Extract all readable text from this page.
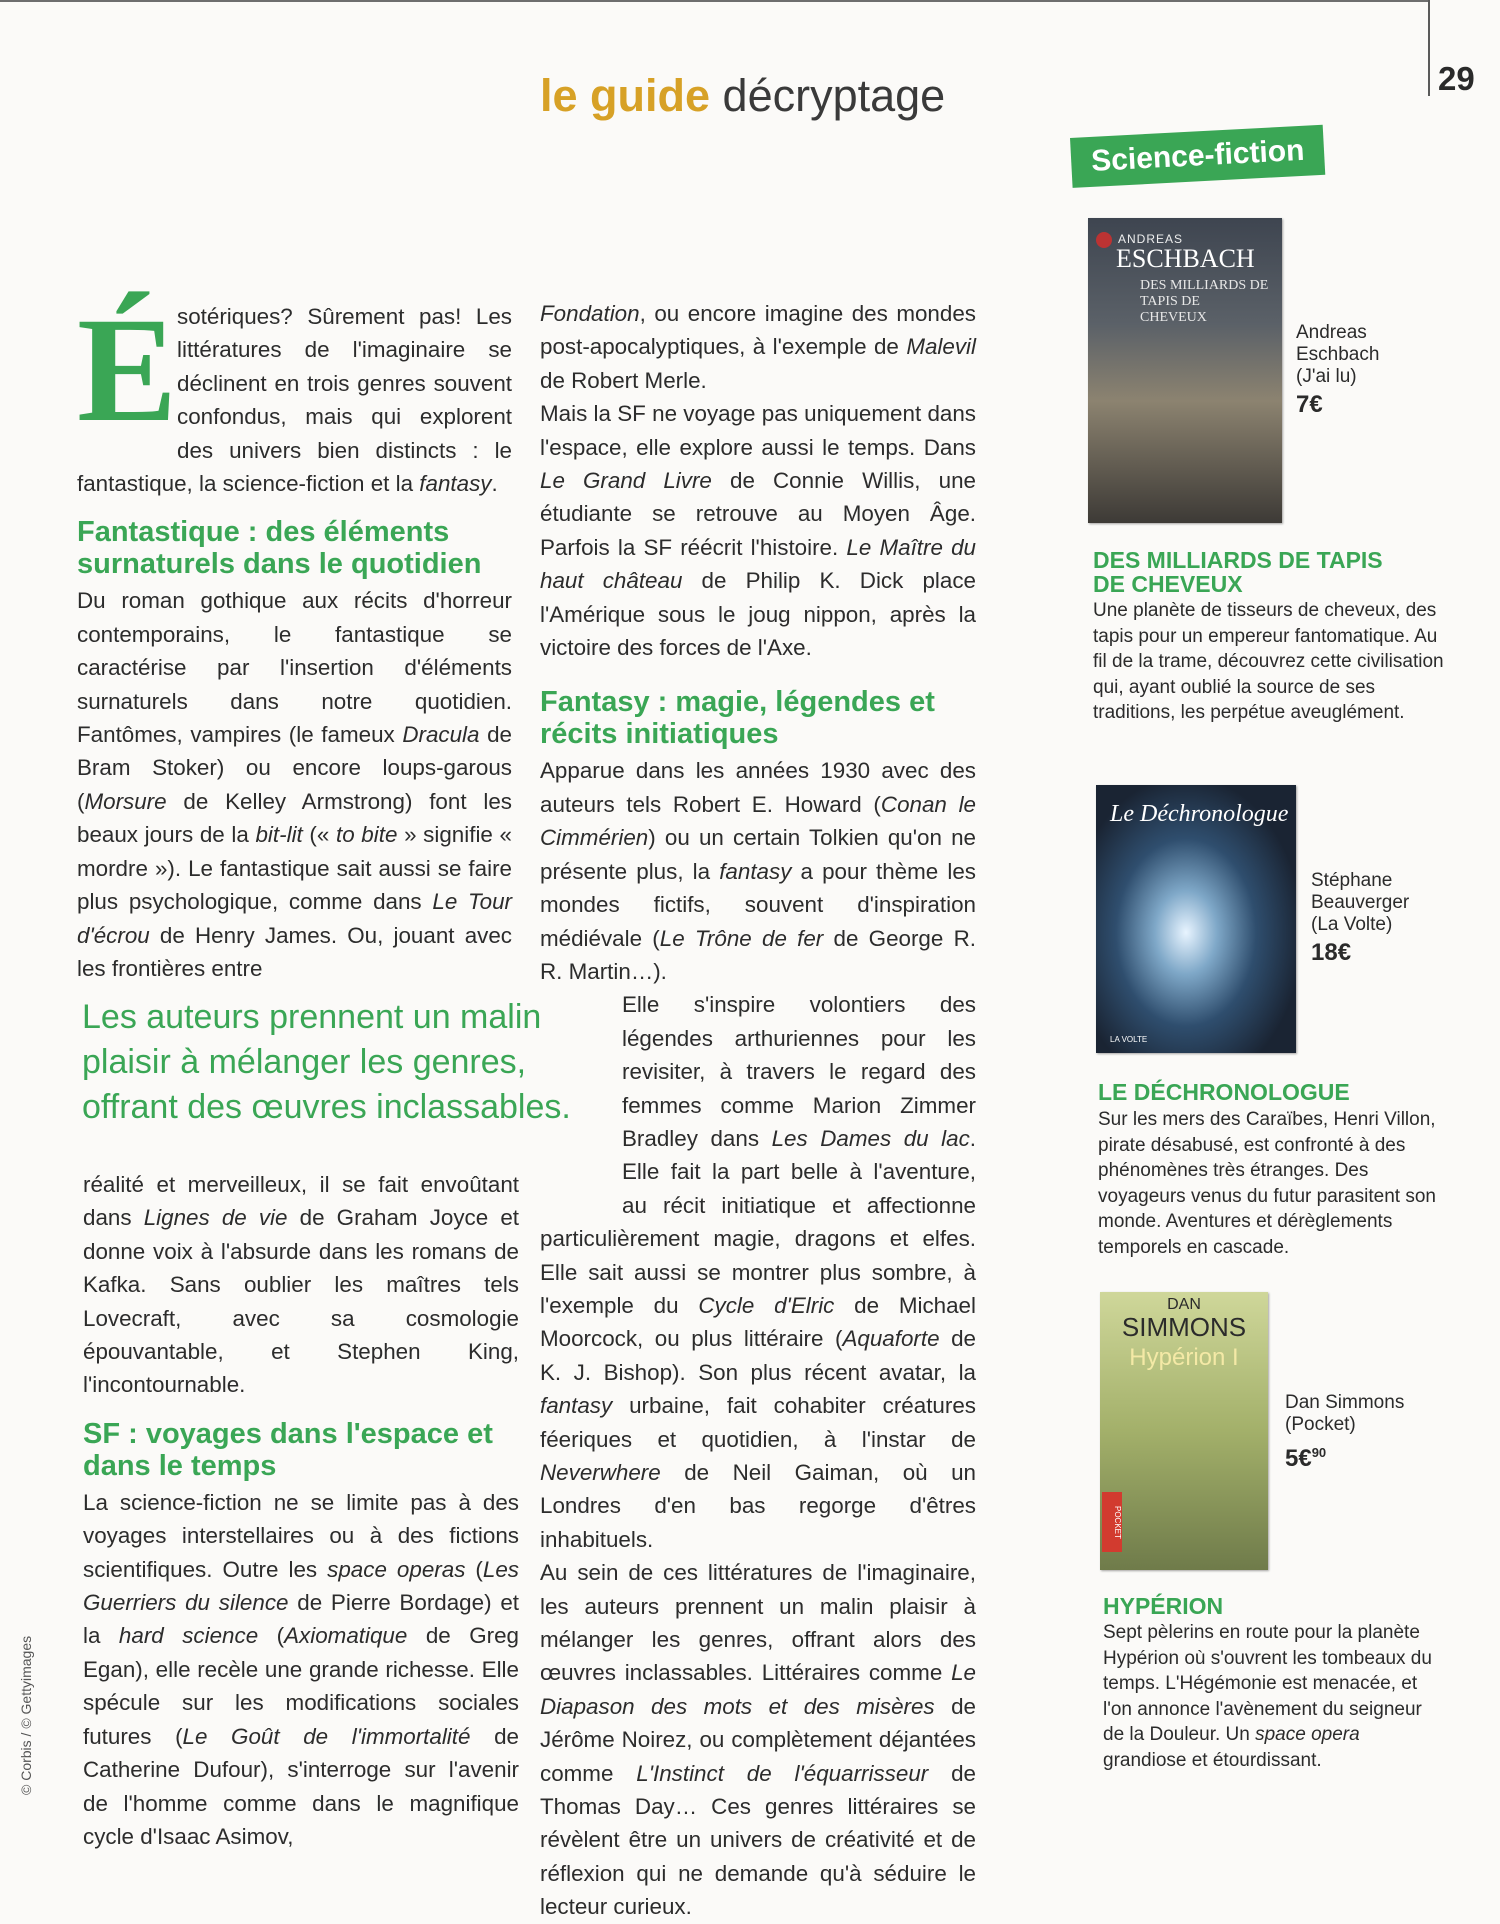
29
le guide décryptage

Ésotériques? Sûrement pas! Les littératures de l'imaginaire se déclinent en trois genres souvent confondus, mais qui explorent des univers bien distincts : le fantastique, la science-fiction et la fantasy.

Fantastique : des éléments surnaturels dans le quotidien

Du roman gothique aux récits d'horreur contemporains, le fantastique se caractérise par l'insertion d'éléments surnaturels dans notre quotidien. Fantômes, vampires (le fameux Dracula de Bram Stoker) ou encore loups-garous (Morsure de Kelley Armstrong) font les beaux jours de la bit-lit (« to bite » signifie « mordre »). Le fantastique sait aussi se faire plus psychologique, comme dans Le Tour d'écrou de Henry James. Ou, jouant avec les frontières entre

Les auteurs prennent un malin plaisir à mélanger les genres, offrant des œuvres inclassables.

réalité et merveilleux, il se fait envoûtant dans Lignes de vie de Graham Joyce et donne voix à l'absurde dans les romans de Kafka. Sans oublier les maîtres tels Lovecraft, avec sa cosmologie épouvantable, et Stephen King, l'incontournable.

SF : voyages dans l'espace et dans le temps

La science-fiction ne se limite pas à des voyages interstellaires ou à des fictions scientifiques. Outre les space operas (Les Guerriers du silence de Pierre Bordage) et la hard science (Axiomatique de Greg Egan), elle recèle une grande richesse. Elle spécule sur les modifications sociales futures (Le Goût de l'immortalité de Catherine Dufour), s'interroge sur l'avenir de l'homme comme dans le magnifique cycle d'Isaac Asimov,

Fondation, ou encore imagine des mondes post-apocalyptiques, à l'exemple de Malevil de Robert Merle.

Mais la SF ne voyage pas uniquement dans l'espace, elle explore aussi le temps. Dans Le Grand Livre de Connie Willis, une étudiante se retrouve au Moyen Âge. Parfois la SF réécrit l'histoire. Le Maître du haut château de Philip K. Dick place l'Amérique sous le joug nippon, après la victoire des forces de l'Axe.

Fantasy : magie, légendes et récits initiatiques

Apparue dans les années 1930 avec des auteurs tels Robert E. Howard (Conan le Cimmérien) ou un certain Tolkien qu'on ne présente plus, la fantasy a pour thème les mondes fictifs, souvent d'inspiration médiévale (Le Trône de fer de George R. R. Martin…).

Elle s'inspire volontiers des légendes arthuriennes pour les revisiter, à travers le regard des femmes comme Marion Zimmer Bradley dans Les Dames du lac. Elle fait la part belle à l'aventure, au récit initiatique et affectionne particulièrement magie, dragons et elfes. Elle sait aussi se montrer plus sombre, à l'exemple du Cycle d'Elric de Michael Moorcock, ou plus littéraire (Aquaforte de K. J. Bishop). Son plus récent avatar, la fantasy urbaine, fait cohabiter créatures féeriques et quotidien, à l'instar de Neverwhere de Neil Gaiman, où un Londres d'en bas regorge d'êtres inhabituels.

Au sein de ces littératures de l'imaginaire, les auteurs prennent un malin plaisir à mélanger les genres, offrant alors des œuvres inclassables. Littéraires comme Le Diapason des mots et des misères de Jérôme Noirez, ou complètement déjantées comme L'Instinct de l'équarrisseur de Thomas Day… Ces genres littéraires se révèlent être un univers de créativité et de réflexion qui ne demande qu'à séduire le lecteur curieux.

Science-fiction
ANDREAS
ESCHBACH
DES MILLIARDS DE TAPIS DE CHEVEUX
Andreas
Eschbach
(J'ai lu)
7€
DES MILLIARDS DE TAPIS DE CHEVEUX
Une planète de tisseurs de cheveux, des tapis pour un empereur fantomatique. Au fil de la trame, découvrez cette civilisation qui, ayant oublié la source de ses traditions, les perpétue aveuglément.
Le Déchronologue
LA VOLTE
Stéphane
Beauverger
(La Volte)
18€
LE DÉCHRONOLOGUE
Sur les mers des Caraïbes, Henri Villon, pirate désabusé, est confronté à des phénomènes très étranges. Des voyageurs venus du futur parasitent son monde. Aventures et dérèglements temporels en cascade.
DAN
SIMMONS
Hypérion I
POCKET
Dan Simmons
(Pocket)
5€$^{90}$
HYPÉRION
Sept pèlerins en route pour la planète Hypérion où s'ouvrent les tombeaux du temps. L'Hégémonie est menacée, et l'on annonce l'avènement du seigneur de la Douleur. Un space opera grandiose et étourdissant.
© Corbis / © Gettyimages
